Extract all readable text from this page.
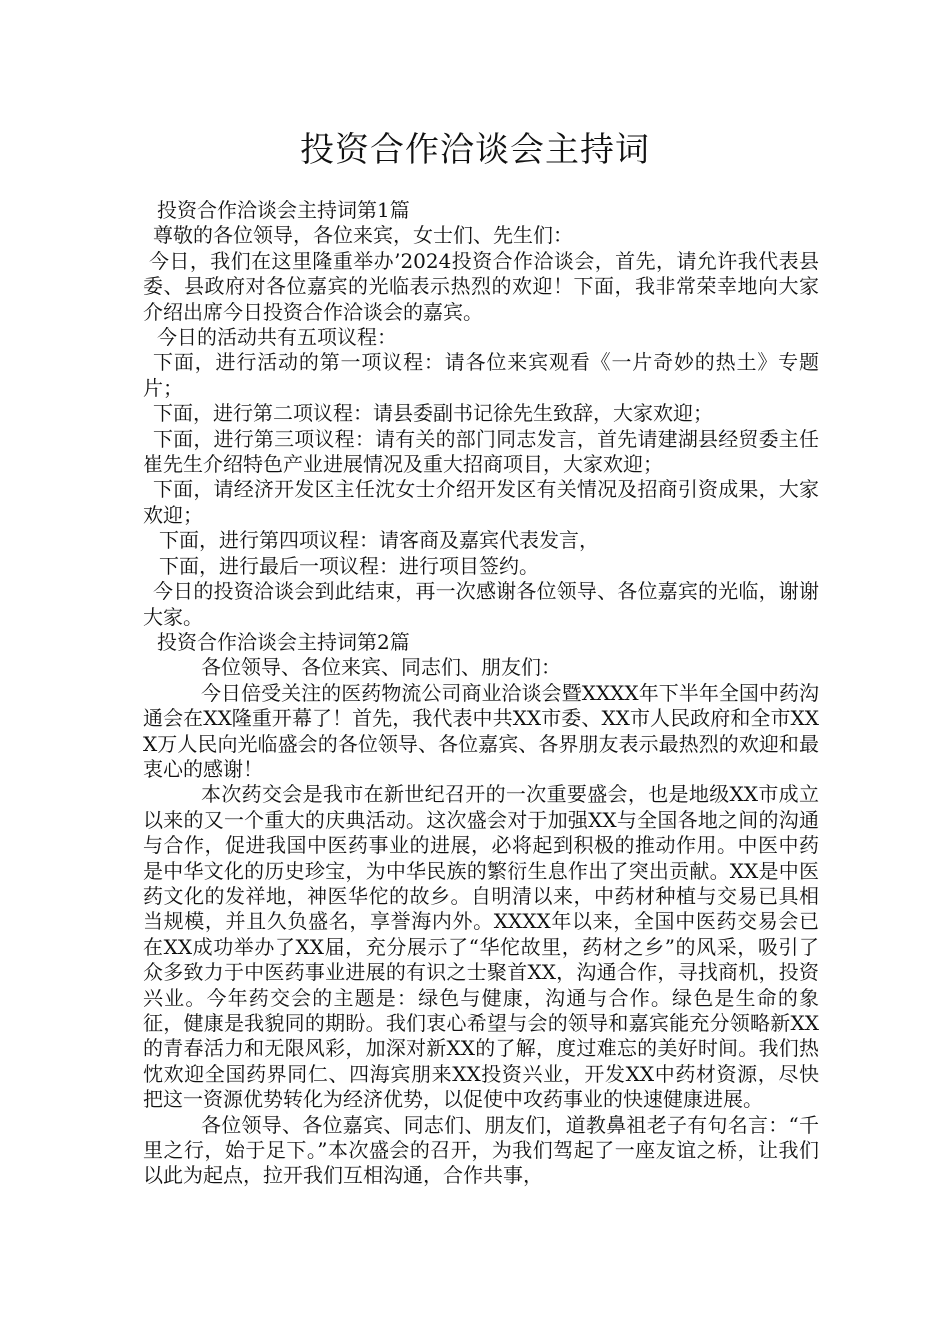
投资合作洽谈会主持词

投资合作洽谈会主持词第1篇

尊敬的各位领导，各位来宾，女士们、先生们：

今日，我们在这里隆重举办’2024投资合作洽谈会，首先，请允许我代表县委、县政府对各位嘉宾的光临表示热烈的欢迎！下面，我非常荣幸地向大家介绍出席今日投资合作洽谈会的嘉宾。

今日的活动共有五项议程：

下面，进行活动的第一项议程：请各位来宾观看《一片奇妙的热土》专题片；

下面，进行第二项议程：请县委副书记徐先生致辞，大家欢迎；

下面，进行第三项议程：请有关的部门同志发言，首先请建湖县经贸委主任崔先生介绍特色产业进展情况及重大招商项目，大家欢迎；

下面，请经济开发区主任沈女士介绍开发区有关情况及招商引资成果，大家欢迎；

下面，进行第四项议程：请客商及嘉宾代表发言，

下面，进行最后一项议程：进行项目签约。

今日的投资洽谈会到此结束，再一次感谢各位领导、各位嘉宾的光临，谢谢大家。

投资合作洽谈会主持词第2篇

各位领导、各位来宾、同志们、朋友们：

今日倍受关注的医药物流公司商业洽谈会暨XXXX年下半年全国中药沟通会在XX隆重开幕了！首先，我代表中共XX市委、XX市人民政府和全市XXX万人民向光临盛会的各位领导、各位嘉宾、各界朋友表示最热烈的欢迎和最衷心的感谢！

本次药交会是我市在新世纪召开的一次重要盛会，也是地级XX市成立以来的又一个重大的庆典活动。这次盛会对于加强XX与全国各地之间的沟通与合作，促进我国中医药事业的进展，必将起到积极的推动作用。中医中药是中华文化的历史珍宝，为中华民族的繁衍生息作出了突出贡献。XX是中医药文化的发祥地，神医华佗的故乡。自明清以来，中药材种植与交易已具相当规模，并且久负盛名，享誉海内外。XXXX年以来，全国中医药交易会已在XX成功举办了XX届，充分展示了“华佗故里，药材之乡”的风采，吸引了众多致力于中医药事业进展的有识之士聚首XX，沟通合作，寻找商机，投资兴业。今年药交会的主题是：绿色与健康，沟通与合作。绿色是生命的象征，健康是我貌同的期盼。我们衷心希望与会的领导和嘉宾能充分领略新XX的青春活力和无限风彩，加深对新XX的了解，度过难忘的美好时间。我们热忱欢迎全国药界同仁、四海宾朋来XX投资兴业，开发XX中药材资源，尽快把这一资源优势转化为经济优势，以促使中攻药事业的快速健康进展。

各位领导、各位嘉宾、同志们、朋友们，道教鼻祖老子有句名言：“千里之行，始于足下。”本次盛会的召开，为我们驾起了一座友谊之桥，让我们以此为起点，拉开我们互相沟通，合作共事，
